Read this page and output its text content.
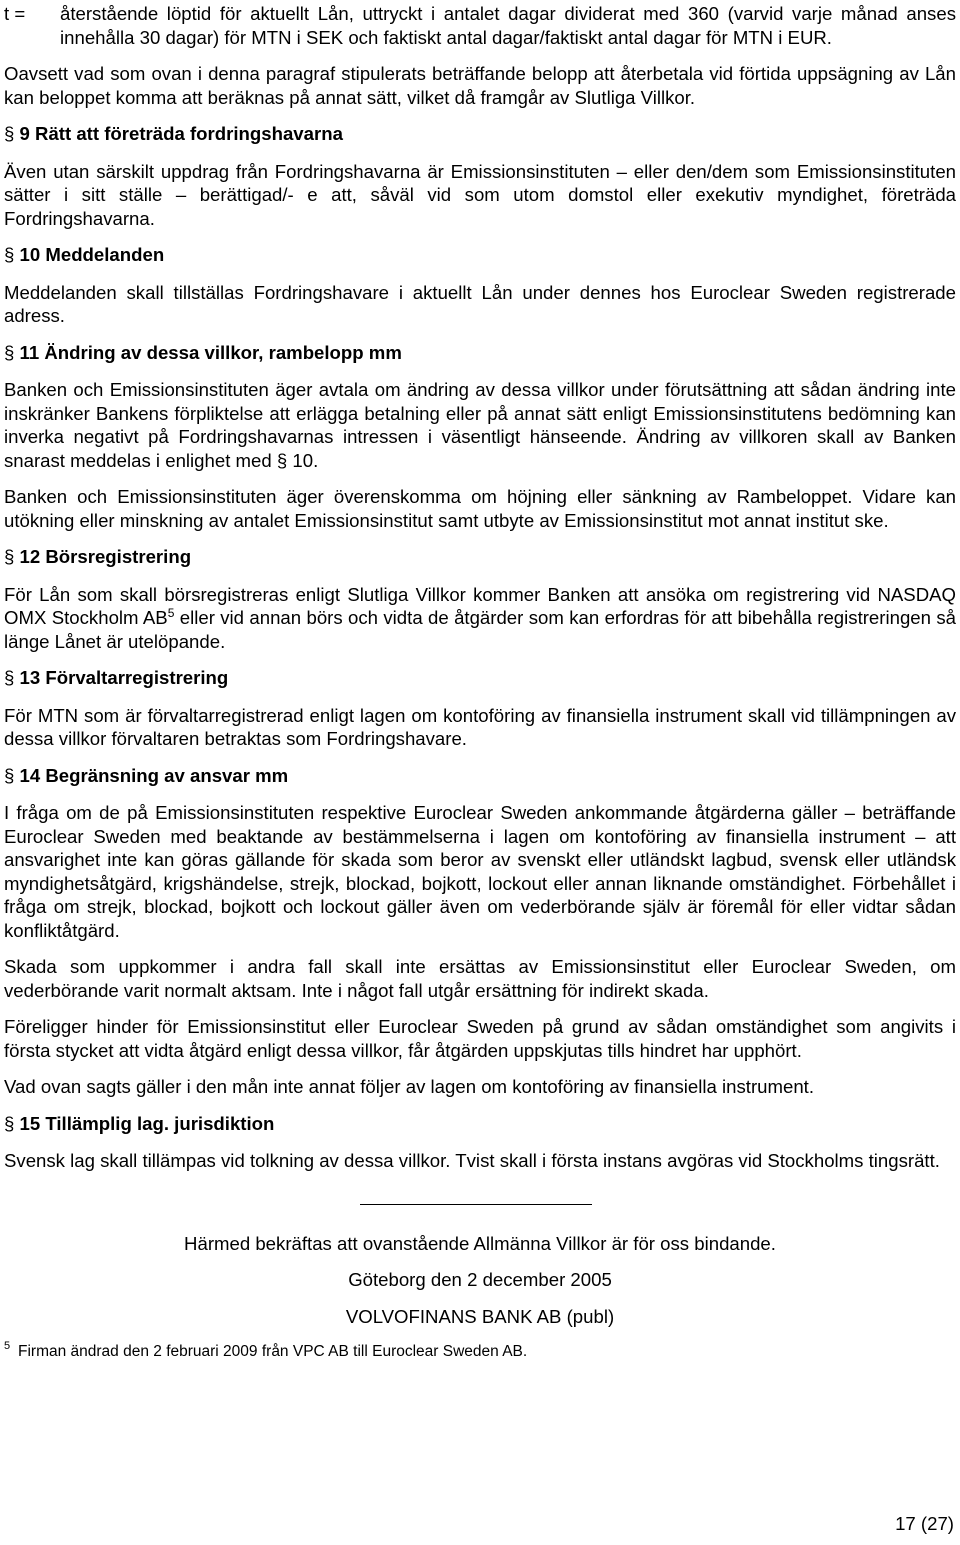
t =	återstående löptid för aktuellt Lån, uttryckt i antalet dagar dividerat med 360 (varvid varje månad anses innehålla 30 dagar) för MTN i SEK och faktiskt antal dagar/faktiskt antal dagar för MTN i EUR.

Oavsett vad som ovan i denna paragraf stipulerats beträffande belopp att återbetala vid förtida uppsägning av Lån kan beloppet komma att beräknas på annat sätt, vilket då framgår av Slutliga Villkor.

§ 9 Rätt att företräda fordringshavarna

Även utan särskilt uppdrag från Fordringshavarna är Emissionsinstituten – eller den/dem som Emissionsinstituten sätter i sitt ställe – berättigad/- e att, såväl vid som utom domstol eller exekutiv myndighet, företräda Fordringshavarna.

§ 10 Meddelanden

Meddelanden skall tillställas Fordringshavare i aktuellt Lån under dennes hos Euroclear Sweden registrerade adress.

§ 11 Ändring av dessa villkor, rambelopp mm

Banken och Emissionsinstituten äger avtala om ändring av dessa villkor under förutsättning att sådan ändring inte inskränker Bankens förpliktelse att erlägga betalning eller på annat sätt enligt Emissionsinstitutens bedömning kan inverka negativt på Fordringshavarnas intressen i väsentligt hänseende. Ändring av villkoren skall av Banken snarast meddelas i enlighet med § 10.

Banken och Emissionsinstituten äger överenskomma om höjning eller sänkning av Rambeloppet. Vidare kan utökning eller minskning av antalet Emissionsinstitut samt utbyte av Emissionsinstitut mot annat institut ske.

§ 12 Börsregistrering

För Lån som skall börsregistreras enligt Slutliga Villkor kommer Banken att ansöka om registrering vid NASDAQ OMX Stockholm AB$^5$ eller vid annan börs och vidta de åtgärder som kan erfordras för att bibehålla registreringen så länge Lånet är utelöpande.

§ 13 Förvaltarregistrering

För MTN som är förvaltarregistrerad enligt lagen om kontoföring av finansiella instrument skall vid tillämpningen av dessa villkor förvaltaren betraktas som Fordringshavare.

§ 14 Begränsning av ansvar mm

I fråga om de på Emissionsinstituten respektive Euroclear Sweden ankommande åtgärderna gäller – beträffande Euroclear Sweden med beaktande av bestämmelserna i lagen om kontoföring av finansiella instrument – att ansvarighet inte kan göras gällande för skada som beror av svenskt eller utländskt lagbud, svensk eller utländsk myndighetsåtgärd, krigshändelse, strejk, blockad, bojkott, lockout eller annan liknande omständighet. Förbehållet i fråga om strejk, blockad, bojkott och lockout gäller även om vederbörande själv är föremål för eller vidtar sådan konfliktåtgärd.

Skada som uppkommer i andra fall skall inte ersättas av Emissionsinstitut eller Euroclear Sweden, om vederbörande varit normalt aktsam. Inte i något fall utgår ersättning för indirekt skada.

Föreligger hinder för Emissionsinstitut eller Euroclear Sweden på grund av sådan omständighet som angivits i första stycket att vidta åtgärd enligt dessa villkor, får åtgärden uppskjutas tills hindret har upphört.

Vad ovan sagts gäller i den mån inte annat följer av lagen om kontoföring av finansiella instrument.

§ 15 Tillämplig lag. jurisdiktion

Svensk lag skall tillämpas vid tolkning av dessa villkor. Tvist skall i första instans avgöras vid Stockholms tingsrätt.

Härmed bekräftas att ovanstående Allmänna Villkor är för oss bindande.

Göteborg den 2 december 2005

VOLVOFINANS BANK AB (publ)

$^5$ Firman ändrad den 2 februari 2009 från VPC AB till Euroclear Sweden AB.
17 (27)
